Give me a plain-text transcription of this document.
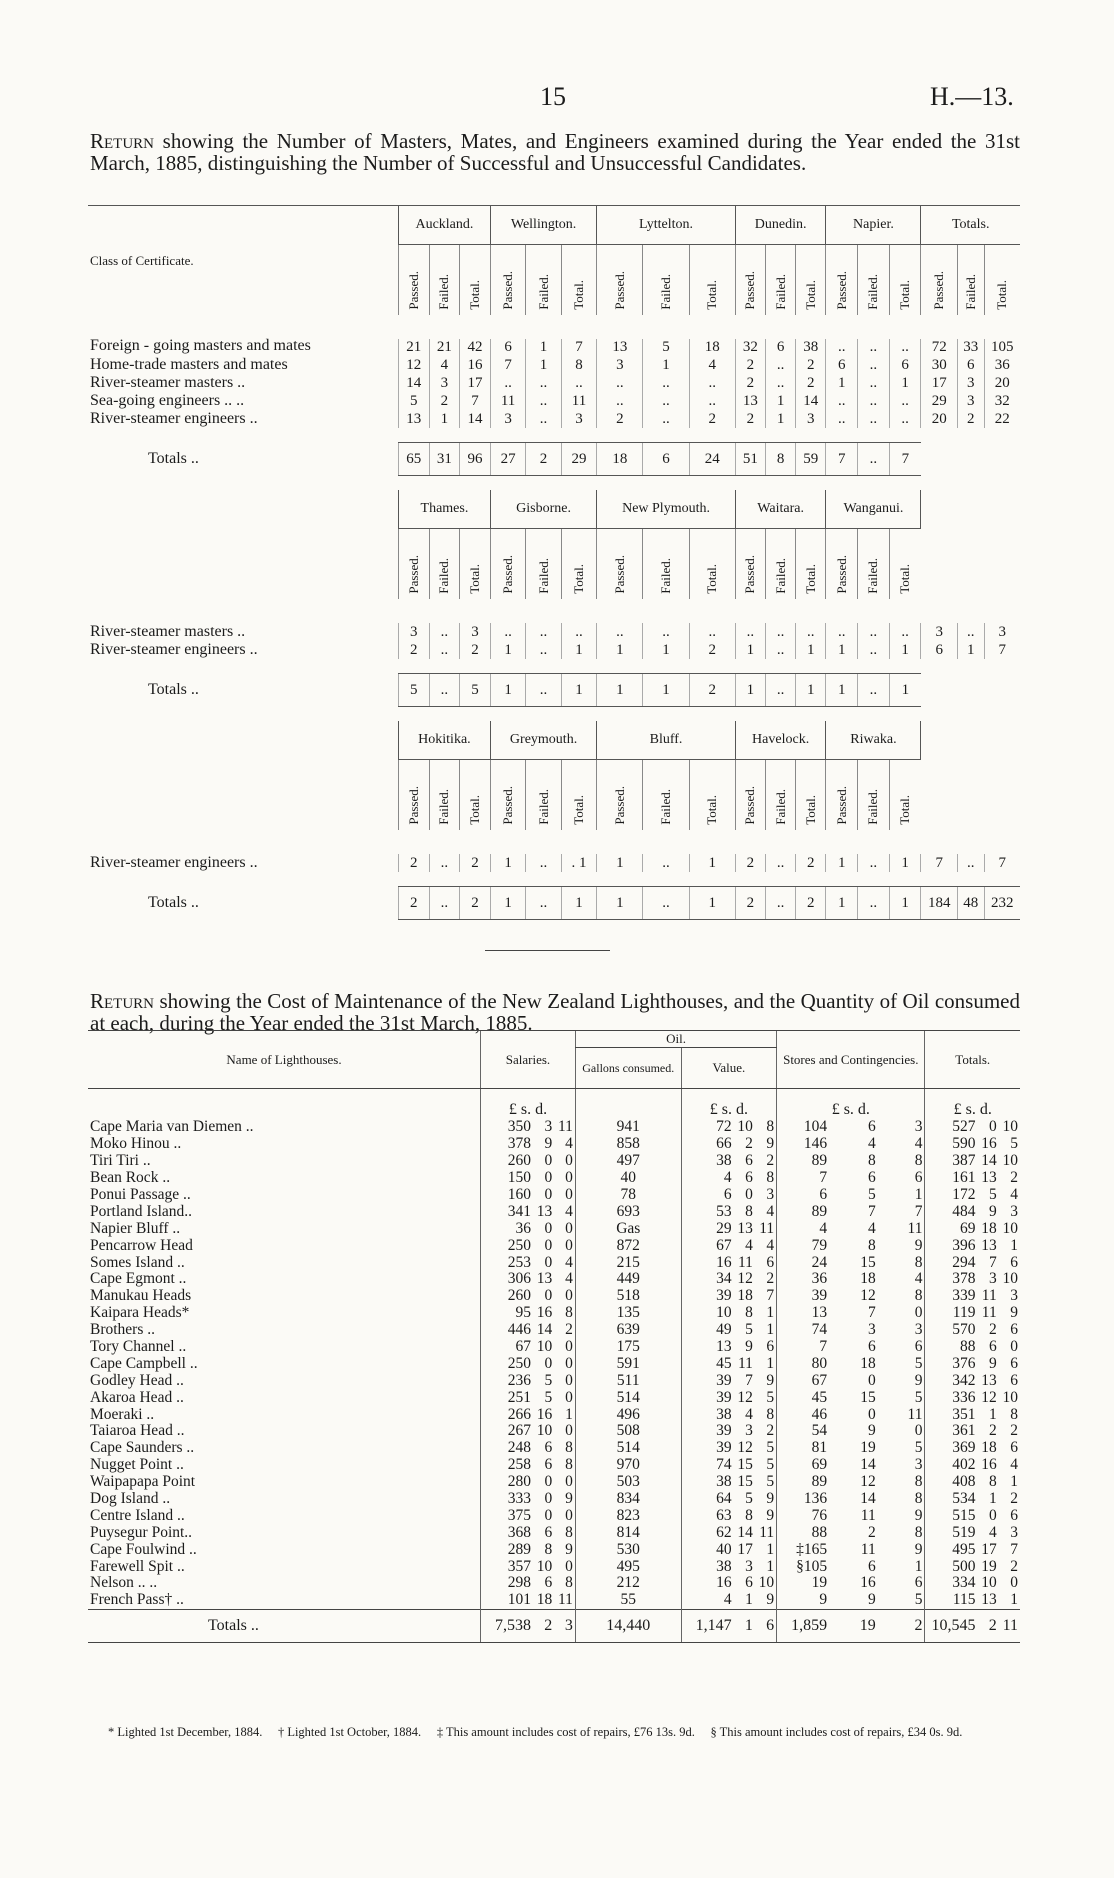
15	H.—13.
Return showing the Number of Masters, Mates, and Engineers examined during the Year ended the 31st March, 1885, distinguishing the Number of Successful and Unsuccessful Candidates.
Class of Certificate.	Auckland.			Wellington.			Lyttelton.			Dunedin.			Napier.			Totals.		
	Passed.	Failed.	Total.	Passed.	Failed.	Total.	Passed.	Failed.	Total.	Passed.	Failed.	Total.	Passed.	Failed.	Total.	Passed.	Failed.	Total.

Foreign - going masters and mates	21	21	42	6	1	7	13	5	18	32	6	38	..	..	..	72	33	105
Home-trade masters and mates	12	4	16	7	1	8	3	1	4	2	..	2	6	..	6	30	6	36
River-steamer masters ..	14	3	17	..	..	..	..	..	..	2	..	2	1	..	1	17	3	20
Sea-going engineers .. ..	5	2	7	11	..	11	..	..	..	13	1	14	..	..	..	29	3	32
River-steamer engineers ..	13	1	14	3	..	3	2	..	2	2	1	3	..	..	..	20	2	22

Totals ..	65	31	96	27	2	29	18	6	24	51	8	59	7	..	7			

	Thames.			Gisborne.			New Plymouth.			Waitara.			Wanganui.					
	Passed.	Failed.	Total.	Passed.	Failed.	Total.	Passed.	Failed.	Total.	Passed.	Failed.	Total.	Passed.	Failed.	Total.			

River-steamer masters ..	3	..	3	..	..	..	..	..	..	..	..	..	..	..	..	3	..	3
River-steamer engineers ..	2	..	2	1	..	1	1	1	2	1	..	1	1	..	1	6	1	7

Totals ..	5	..	5	1	..	1	1	1	2	1	..	1	1	..	1			

	Hokitika.			Greymouth.			Bluff.			Havelock.			Riwaka.					
	Passed.	Failed.	Total.	Passed.	Failed.	Total.	Passed.	Failed.	Total.	Passed.	Failed.	Total.	Passed.	Failed.	Total.			

River-steamer engineers ..	2	..	2	1	..	. 1	1	..	1	2	..	2	1	..	1	7	..	7

Totals ..	2	..	2	1	..	1	1	..	1	2	..	2	1	..	1	184	48	232

Return showing the Cost of Maintenance of the New Zealand Lighthouses, and the Quantity of Oil consumed at each, during the Year ended the 31st March, 1885.
Name of Lighthouses.	Salaries.			Oil.				Stores and Contingencies.			Totals.		
				Gallons consumed.	Value.								
	£ s. d.				£ s. d.			£ s. d.			£ s. d.		
Cape Maria van Diemen ..	350	3	11	941	72	10	8	104	6	3	527	0	10
Moko Hinou ..	378	9	4	858	66	2	9	146	4	4	590	16	5
Tiri Tiri ..	260	0	0	497	38	6	2	89	8	8	387	14	10
Bean Rock ..	150	0	0	40	4	6	8	7	6	6	161	13	2
Ponui Passage ..	160	0	0	78	6	0	3	6	5	1	172	5	4
Portland Island..	341	13	4	693	53	8	4	89	7	7	484	9	3
Napier Bluff ..	36	0	0	Gas	29	13	11	4	4	11	69	18	10
Pencarrow Head	250	0	0	872	67	4	4	79	8	9	396	13	1
Somes Island ..	253	0	4	215	16	11	6	24	15	8	294	7	6
Cape Egmont ..	306	13	4	449	34	12	2	36	18	4	378	3	10
Manukau Heads	260	0	0	518	39	18	7	39	12	8	339	11	3
Kaipara Heads*	95	16	8	135	10	8	1	13	7	0	119	11	9
Brothers ..	446	14	2	639	49	5	1	74	3	3	570	2	6
Tory Channel ..	67	10	0	175	13	9	6	7	6	6	88	6	0
Cape Campbell ..	250	0	0	591	45	11	1	80	18	5	376	9	6
Godley Head ..	236	5	0	511	39	7	9	67	0	9	342	13	6
Akaroa Head ..	251	5	0	514	39	12	5	45	15	5	336	12	10
Moeraki ..	266	16	1	496	38	4	8	46	0	11	351	1	8
Taiaroa Head ..	267	10	0	508	39	3	2	54	9	0	361	2	2
Cape Saunders ..	248	6	8	514	39	12	5	81	19	5	369	18	6
Nugget Point ..	258	6	8	970	74	15	5	69	14	3	402	16	4
Waipapapa Point	280	0	0	503	38	15	5	89	12	8	408	8	1
Dog Island ..	333	0	9	834	64	5	9	136	14	8	534	1	2
Centre Island ..	375	0	0	823	63	8	9	76	11	9	515	0	6
Puysegur Point..	368	6	8	814	62	14	11	88	2	8	519	4	3
Cape Foulwind ..	289	8	9	530	40	17	1	‡165	11	9	495	17	7
Farewell Spit ..	357	10	0	495	38	3	1	§105	6	1	500	19	2
Nelson .. ..	298	6	8	212	16	6	10	19	16	6	334	10	0
French Pass† ..	101	18	11	55	4	1	9	9	9	5	115	13	1
Totals ..	7,538	2	3	14,440	1,147	1	6	1,859	19	2	10,545	2	11
* Lighted 1st December, 1884. † Lighted 1st October, 1884. ‡ This amount includes cost of repairs, £76 13s. 9d. § This amount includes cost of repairs, £34 0s. 9d.
